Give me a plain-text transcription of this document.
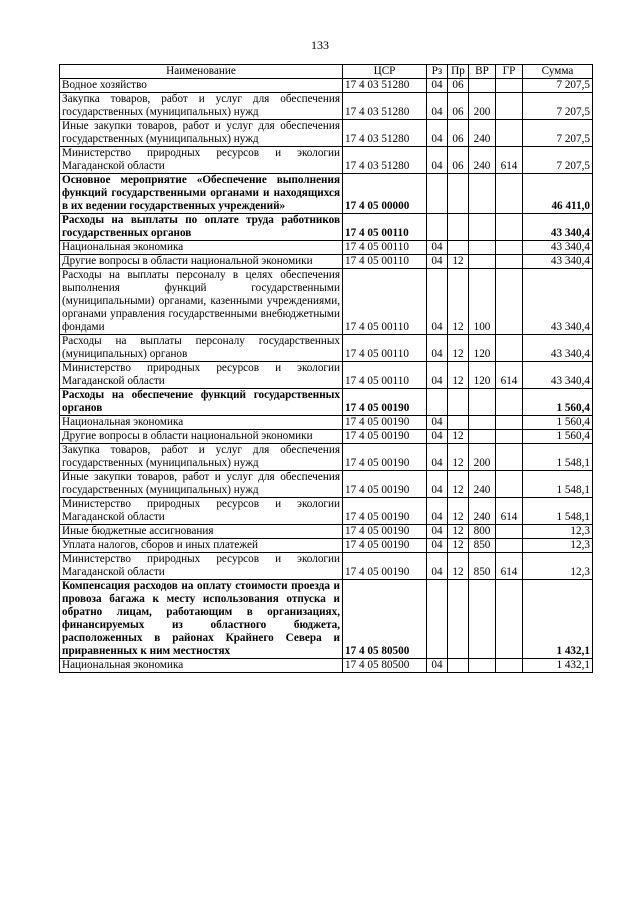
133
Наименование	ЦСР	Рз	Пр	ВР	ГР	Сумма
Водное хозяйство	17 4 03 51280	04	06			7 207,5
Закупка товаров, работ и услуг для обеспечения государственных (муниципальных) нужд	17 4 03 51280	04	06	200		7 207,5
Иные закупки товаров, работ и услуг для обеспечения государственных (муниципальных) нужд	17 4 03 51280	04	06	240		7 207,5
Министерство природных ресурсов и экологии Магаданской области	17 4 03 51280	04	06	240	614	7 207,5
Основное мероприятие «Обеспечение выполнения функций государственными органами и находящихся в их ведении государственных учреждений»	17 4 05 00000					46 411,0
Расходы на выплаты по оплате труда работников государственных органов	17 4 05 00110					43 340,4
Национальная экономика	17 4 05 00110	04				43 340,4
Другие вопросы в области национальной экономики	17 4 05 00110	04	12			43 340,4
Расходы на выплаты персоналу в целях обеспечения выполнения функций государственными (муниципальными) органами, казенными учреждениями, органами управления государственными внебюджетными фондами	17 4 05 00110	04	12	100		43 340,4
Расходы на выплаты персоналу государственных (муниципальных) органов	17 4 05 00110	04	12	120		43 340,4
Министерство природных ресурсов и экологии Магаданской области	17 4 05 00110	04	12	120	614	43 340,4
Расходы на обеспечение функций государственных органов	17 4 05 00190					1 560,4
Национальная экономика	17 4 05 00190	04				1 560,4
Другие вопросы в области национальной экономики	17 4 05 00190	04	12			1 560,4
Закупка товаров, работ и услуг для обеспечения государственных (муниципальных) нужд	17 4 05 00190	04	12	200		1 548,1
Иные закупки товаров, работ и услуг для обеспечения государственных (муниципальных) нужд	17 4 05 00190	04	12	240		1 548,1
Министерство природных ресурсов и экологии Магаданской области	17 4 05 00190	04	12	240	614	1 548,1
Иные бюджетные ассигнования	17 4 05 00190	04	12	800		12,3
Уплата налогов, сборов и иных платежей	17 4 05 00190	04	12	850		12,3
Министерство природных ресурсов и экологии Магаданской области	17 4 05 00190	04	12	850	614	12,3
Компенсация расходов на оплату стоимости проезда и провоза багажа к месту использования отпуска и обратно лицам, работающим в организациях, финансируемых из областного бюджета, расположенных в районах Крайнего Севера и приравненных к ним местностях	17 4 05 80500					1 432,1
Национальная экономика	17 4 05 80500	04				1 432,1
